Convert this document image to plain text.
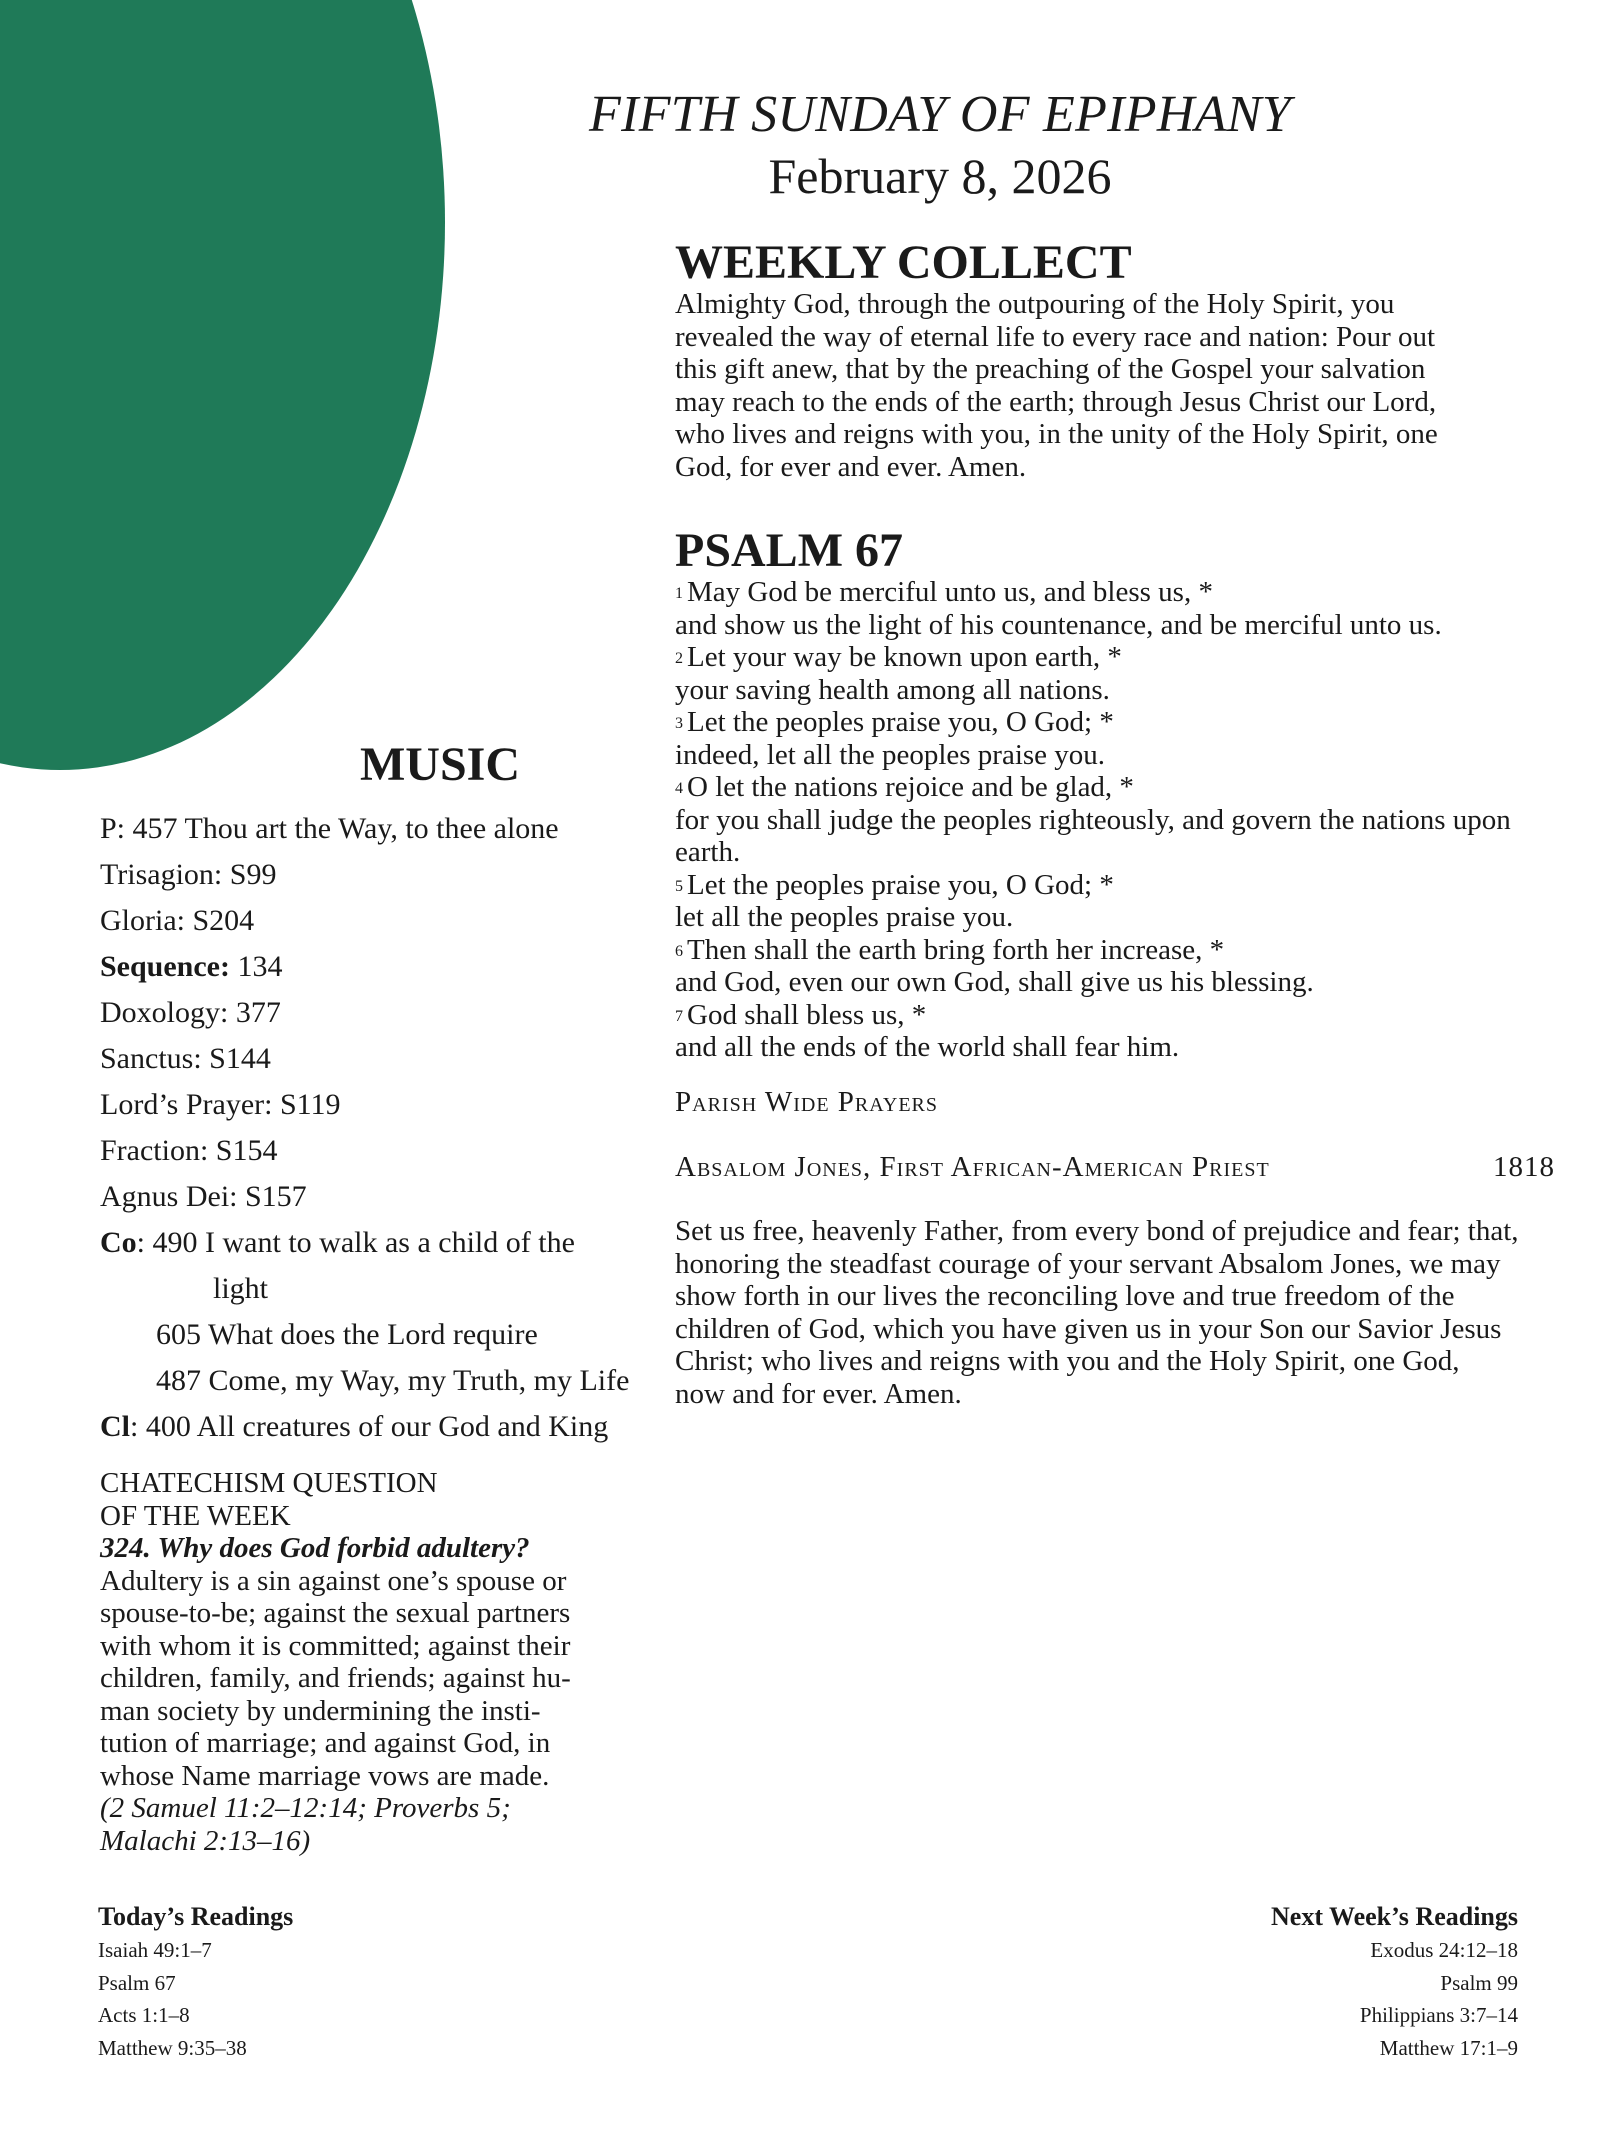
FIFTH SUNDAY OF EPIPHANY
February 8, 2026
WEEKLY COLLECT
Almighty God, through the outpouring of the Holy Spirit, you
revealed the way of eternal life to every race and nation: Pour out
this gift anew, that by the preaching of the Gospel your salvation
may reach to the ends of the earth; through Jesus Christ our Lord,
who lives and reigns with you, in the unity of the Holy Spirit, one
God, for ever and ever. Amen.
PSALM 67
$^1$ May God be merciful unto us, and bless us, *
and show us the light of his countenance, and be merciful unto us.
$^2$ Let your way be known upon earth, *
your saving health among all nations.
$^3$ Let the peoples praise you, O God; *
indeed, let all the peoples praise you.
$^4$ O let the nations rejoice and be glad, *
for you shall judge the peoples righteously, and govern the nations upon earth.
$^5$ Let the peoples praise you, O God; *
let all the peoples praise you.
$^6$ Then shall the earth bring forth her increase, *
and God, even our own God, shall give us his blessing.
$^7$ God shall bless us, *
and all the ends of the world shall fear him.
Parish Wide Prayers
Absalom Jones, First African-American Priest	1818
Set us free, heavenly Father, from every bond of prejudice and fear; that,
honoring the steadfast courage of your servant Absalom Jones, we may
show forth in our lives the reconciling love and true freedom of the
children of God, which you have given us in your Son our Savior Jesus
Christ; who lives and reigns with you and the Holy Spirit, one God,
now and for ever. Amen.
MUSIC
P: 457 Thou art the Way, to thee alone
Trisagion: S99
Gloria: S204
Sequence: 134
Doxology: 377
Sanctus: S144
Lord’s Prayer: S119
Fraction: S154
Agnus Dei: S157
Co: 490 I want to walk as a child of the
light
605 What does the Lord require
487 Come, my Way, my Truth, my Life
Cl: 400 All creatures of our God and King
CHATECHISM QUESTION
OF THE WEEK
324. Why does God forbid adultery?
Adultery is a sin against one’s spouse or
spouse-to-be; against the sexual partners
with whom it is committed; against their
children, family, and friends; against hu-
man society by undermining the insti-
tution of marriage; and against God, in
whose Name marriage vows are made.
(2 Samuel 11:2–12:14; Proverbs 5;
Malachi 2:13–16)
Today’s Readings
Isaiah 49:1–7
Psalm 67
Acts 1:1–8
Matthew 9:35–38
Next Week’s Readings
Exodus 24:12–18
Psalm 99
Philippians 3:7–14
Matthew 17:1–9
